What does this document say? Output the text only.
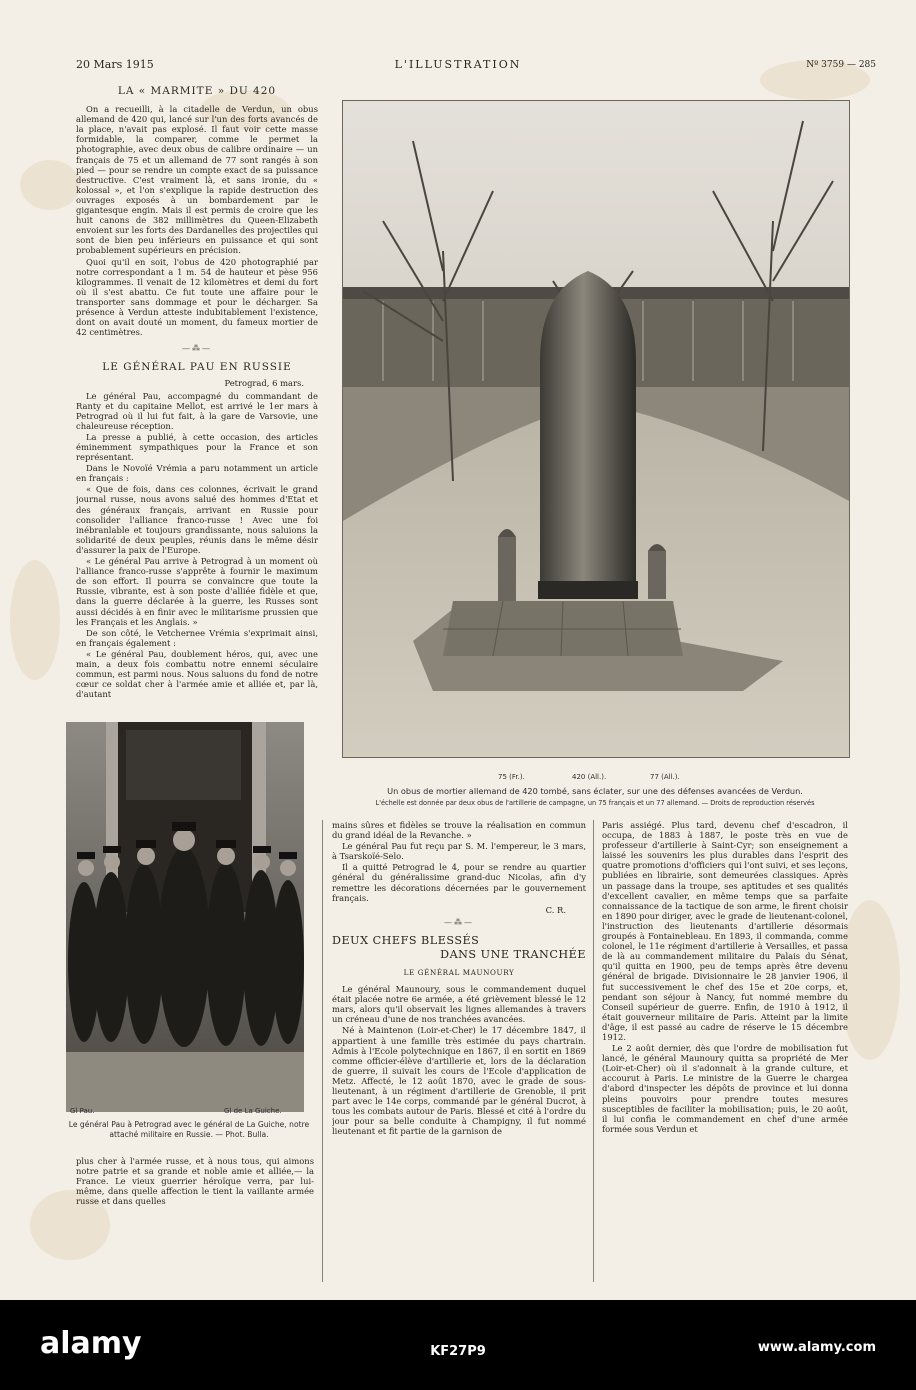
20 Mars 1915	L'ILLUSTRATION	Nº 3759 — 285
LA « MARMITE » DU 420

On a recueilli, à la citadelle de Verdun, un obus allemand de 420 qui, lancé sur l'un des forts avancés de la place, n'avait pas explosé. Il faut voir cette masse formidable, la comparer, comme le permet la photographie, avec deux obus de calibre ordinaire — un français de 75 et un allemand de 77 sont rangés à son pied — pour se rendre un compte exact de sa puissance destructive. C'est vraiment là, et sans ironie, du « kolossal », et l'on s'explique la rapide destruction des ouvrages exposés à un bombardement par le gigantesque engin. Mais il est permis de croire que les huit canons de 382 millimètres du Queen-Elizabeth envoient sur les forts des Dardanelles des projectiles qui sont de bien peu inférieurs en puissance et qui sont probablement supérieurs en précision.

Quoi qu'il en soit, l'obus de 420 photographié par notre correspondant a 1 m. 54 de hauteur et pèse 956 kilogrammes. Il venait de 12 kilomètres et demi du fort où il s'est abattu. Ce fut toute une affaire pour le transporter sans dommage et pour le décharger. Sa présence à Verdun atteste indubitablement l'existence, dont on avait douté un moment, du fameux mortier de 42 centimètres.

—⁂—
LE GÉNÉRAL PAU EN RUSSIE
Petrograd, 6 mars.

Le général Pau, accompagné du commandant de Ranty et du capitaine Mellot, est arrivé le 1er mars à Petrograd où il lui fut fait, à la gare de Varsovie, une chaleureuse réception.

La presse a publié, à cette occasion, des articles éminemment sympathiques pour la France et son représentant.

Dans le Novoïé Vrémia a paru notamment un article en français :

« Que de fois, dans ces colonnes, écrivait le grand journal russe, nous avons salué des hommes d'Etat et des généraux français, arrivant en Russie pour consolider l'alliance franco-russe ! Avec une foi inébranlable et toujours grandissante, nous saluions la solidarité de deux peuples, réunis dans le même désir d'assurer la paix de l'Europe.

« Le général Pau arrive à Petrograd à un moment où l'alliance franco-russe s'apprête à fournir le maximum de son effort. Il pourra se convaincre que toute la Russie, vibrante, est à son poste d'alliée fidèle et que, dans la guerre déclarée à la guerre, les Russes sont aussi décidés à en finir avec le militarisme prussien que les Français et les Anglais. »

De son côté, le Vetchernee Vrémia s'exprimait ainsi, en français également :

« Le général Pau, doublement héros, qui, avec une main, a deux fois combattu notre ennemi séculaire commun, est parmi nous. Nous saluons du fond de notre cœur ce soldat cher à l'armée amie et alliée et, par là, d'autant

Gl Pau.	Gl de La Guiche.
Le général Pau à Petrograd avec le général de La Guiche, notre attaché militaire en Russie. — Phot. Bulla.

plus cher à l'armée russe, et à nous tous, qui aimons notre patrie et sa grande et noble amie et alliée,— la France. Le vieux guerrier héroïque verra, par lui-même, dans quelle affection le tient la vaillante armée russe et dans quelles

75 (Fr.).	420 (All.).	77 (All.).
Un obus de mortier allemand de 420 tombé, sans éclater, sur une des défenses avancées de Verdun.
L'échelle est donnée par deux obus de l'artillerie de campagne, un 75 français et un 77 allemand. — Droits de reproduction réservés

mains sûres et fidèles se trouve la réalisation en commun du grand idéal de la Revanche. »

Le général Pau fut reçu par S. M. l'empereur, le 3 mars, à Tsarskoïé-Selo.

Il a quitté Petrograd le 4, pour se rendre au quartier général du généralissime grand-duc Nicolas, afin d'y remettre les décorations décernées par le gouvernement français.

C. R.
—⁂—
DEUX CHEFS BLESSÉS
DANS UNE TRANCHÉE
LE GÉNÉRAL MAUNOURY

Le général Maunoury, sous le commandement duquel était placée notre 6e armée, a été grièvement blessé le 12 mars, alors qu'il observait les lignes allemandes à travers un créneau d'une de nos tranchées avancées.

Né à Maintenon (Loir-et-Cher) le 17 décembre 1847, il appartient à une famille très estimée du pays chartrain. Admis à l'Ecole polytechnique en 1867, il en sortit en 1869 comme officier-élève d'artillerie et, lors de la déclaration de guerre, il suivait les cours de l'Ecole d'application de Metz. Affecté, le 12 août 1870, avec le grade de sous-lieutenant, à un régiment d'artillerie de Grenoble, il prit part avec le 14e corps, commandé par le général Ducrot, à tous les combats autour de Paris. Blessé et cité à l'ordre du jour pour sa belle conduite à Champigny, il fut nommé lieutenant et fit partie de la garnison de

Paris assiégé. Plus tard, devenu chef d'escadron, il occupa, de 1883 à 1887, le poste très en vue de professeur d'artillerie à Saint-Cyr; son enseignement a laissé les souvenirs les plus durables dans l'esprit des quatre promotions d'officiers qui l'ont suivi, et ses leçons, publiées en librairie, sont demeurées classiques. Après un passage dans la troupe, ses aptitudes et ses qualités d'excellent cavalier, en même temps que sa parfaite connaissance de la tactique de son arme, le firent choisir en 1890 pour diriger, avec le grade de lieutenant-colonel, l'instruction des lieutenants d'artillerie désormais groupés à Fontainebleau. En 1893, il commanda, comme colonel, le 11e régiment d'artillerie à Versailles, et passa de là au commandement militaire du Palais du Sénat, qu'il quitta en 1900, peu de temps après être devenu général de brigade. Divisionnaire le 28 janvier 1906, il fut successivement le chef des 15e et 20e corps, et, pendant son séjour à Nancy, fut nommé membre du Conseil supérieur de guerre. Enfin, de 1910 à 1912, il était gouverneur militaire de Paris. Atteint par la limite d'âge, il est passé au cadre de réserve le 15 décembre 1912.

Le 2 août dernier, dès que l'ordre de mobilisation fut lancé, le général Maunoury quitta sa propriété de Mer (Loir-et-Cher) où il s'adonnait à la grande culture, et accourut à Paris. Le ministre de la Guerre le chargea d'abord d'inspecter les dépôts de province et lui donna pleins pouvoirs pour prendre toutes mesures susceptibles de faciliter la mobilisation; puis, le 20 août, il lui confia le commandement en chef d'une armée formée sous Verdun et

alamy	KF27P9	www.alamy.com
